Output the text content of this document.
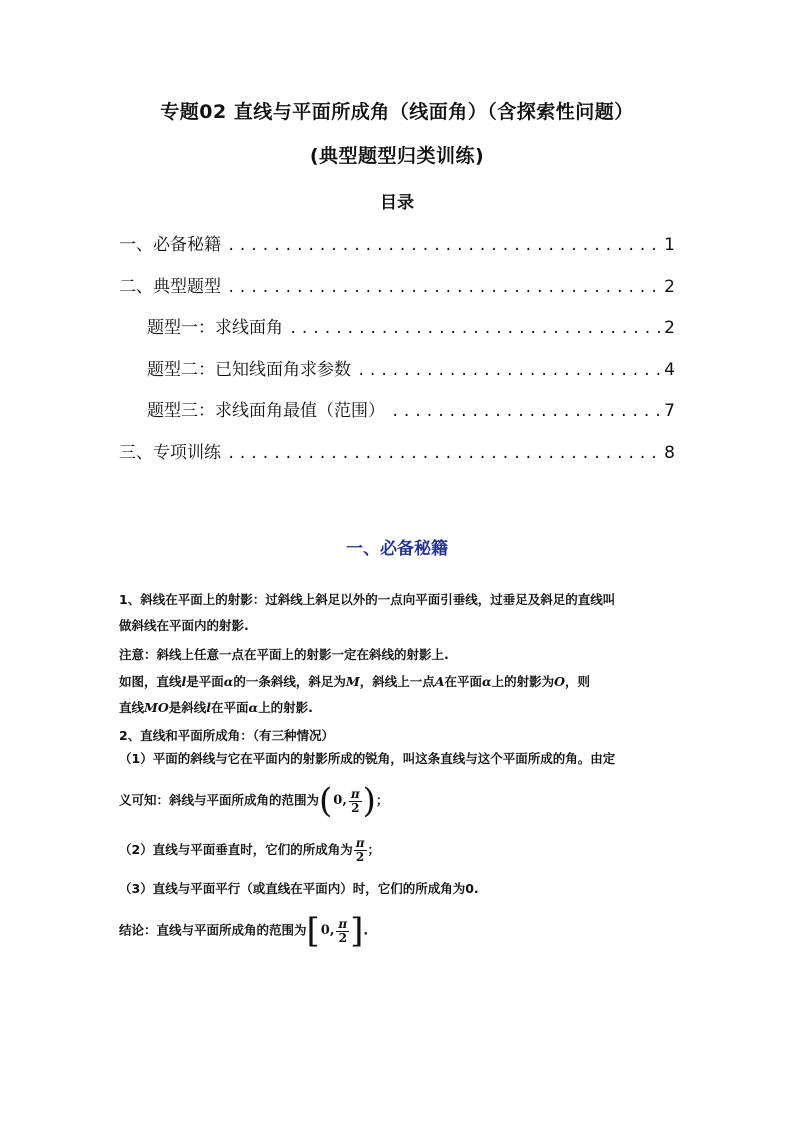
专题02 直线与平面所成角（线面角）（含探索性问题）
(典型题型归类训练)
目录
一、必备秘籍 .....	1
二、典型题型 .....	2
题型一：求线面角 .....	2
题型二：已知线面角求参数 .....	4
题型三：求线面角最值（范围） .....	7
三、专项训练 .....	8
一、必备秘籍
1、斜线在平面上的射影：过斜线上斜足以外的一点向平面引垂线，过垂足及斜足的直线叫
做斜线在平面内的射影.
注意：斜线上任意一点在平面上的射影一定在斜线的射影上.
如图，直线l是平面α的一条斜线，斜足为M，斜线上一点A在平面α上的射影为O，则
直线MO是斜线l在平面α上的射影.
2、直线和平面所成角：（有三种情况）
（1）平面的斜线与它在平面内的射影所成的锐角，叫这条直线与这个平面所成的角。由定
义可知：斜线与平面所成角的范围为 ( 0, $\frac{\pi}{2}$ ) ；
（2）直线与平面垂直时，它们的所成角为 $\frac{\pi}{2}$ ；
（3）直线与平面平行（或直线在平面内）时，它们的所成角为0.
结论：直线与平面所成角的范围为 [ 0, $\frac{\pi}{2}$ ] .
